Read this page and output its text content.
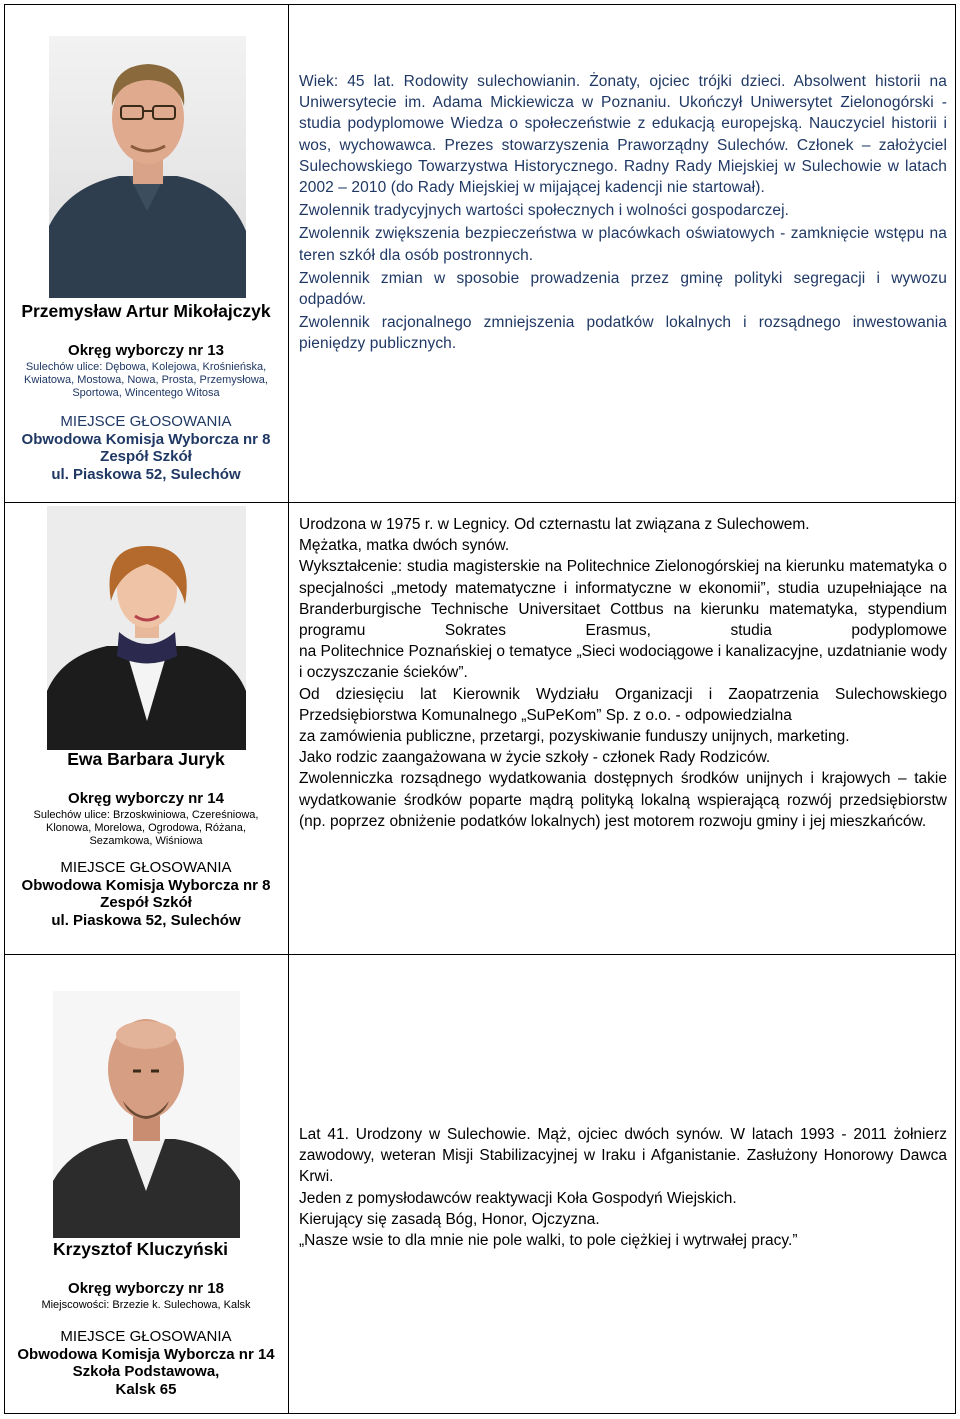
Przemysław Artur Mikołajczyk
Okręg wyborczy nr 13
Sulechów ulice: Dębowa, Kolejowa, Krośnieńska, Kwiatowa, Mostowa, Nowa, Prosta, Przemysłowa, Sportowa, Wincentego Witosa
MIEJSCE GŁOSOWANIA
Obwodowa Komisja Wyborcza nr 8
Zespół Szkół
ul. Piaskowa 52, Sulechów

Wiek: 45 lat. Rodowity sulechowianin. Żonaty, ojciec trójki dzieci. Absolwent historii na Uniwersytecie im. Adama Mickiewicza w Poznaniu. Ukończył Uniwersytet Zielonogórski - studia podyplomowe Wiedza o społeczeństwie z edukacją europejską. Nauczyciel historii i wos, wychowawca. Prezes stowarzyszenia Praworządny Sulechów. Członek – założyciel Sulechowskiego Towarzystwa Historycznego. Radny Rady Miejskiej w Sulechowie w latach 2002 – 2010 (do Rady Miejskiej w mijającej kadencji nie startował).

Zwolennik tradycyjnych wartości społecznych i wolności gospodarczej.

Zwolennik zwiększenia bezpieczeństwa w placówkach oświatowych - zamknięcie wstępu na teren szkół dla osób postronnych.

Zwolennik zmian w sposobie prowadzenia przez gminę polityki segregacji i wywozu odpadów.

Zwolennik racjonalnego zmniejszenia podatków lokalnych i rozsądnego inwestowania pieniędzy publicznych.

Ewa Barbara Juryk
Okręg wyborczy nr 14
Sulechów ulice: Brzoskwiniowa, Czereśniowa, Klonowa, Morelowa, Ogrodowa, Różana, Sezamkowa, Wiśniowa
MIEJSCE GŁOSOWANIA
Obwodowa Komisja Wyborcza nr 8
Zespół Szkół
ul. Piaskowa 52, Sulechów

Urodzona w 1975 r. w Legnicy. Od czternastu lat związana z Sulechowem.

Mężatka, matka dwóch synów.

Wykształcenie: studia magisterskie na Politechnice Zielonogórskiej na kierunku matematyka o specjalności „metody matematyczne i informatyczne w ekonomii”, studia uzupełniające na Branderburgische Technische Universitaet Cottbus na kierunku matematyka, stypendium programu Sokrates Erasmus, studia podyplomowe

na Politechnice Poznańskiej o tematyce „Sieci wodociągowe i kanalizacyjne, uzdatnianie wody i oczyszczanie ścieków”.

Od dziesięciu lat Kierownik Wydziału Organizacji i Zaopatrzenia Sulechowskiego Przedsiębiorstwa Komunalnego „SuPeKom” Sp. z o.o. - odpowiedzialna

za zamówienia publiczne, przetargi, pozyskiwanie funduszy unijnych, marketing.

Jako rodzic zaangażowana w życie szkoły - członek Rady Rodziców.

Zwolenniczka rozsądnego wydatkowania dostępnych środków unijnych i krajowych – takie wydatkowanie środków poparte mądrą polityką lokalną wspierającą rozwój przedsiębiorstw (np. poprzez obniżenie podatków lokalnych) jest motorem rozwoju gminy i jej mieszkańców.

Krzysztof Kluczyński
Okręg wyborczy nr 18
Miejscowości: Brzezie k. Sulechowa, Kalsk
MIEJSCE GŁOSOWANIA
Obwodowa Komisja Wyborcza nr 14
Szkoła Podstawowa,
Kalsk 65

Lat 41. Urodzony w Sulechowie. Mąż, ojciec dwóch synów. W latach 1993 - 2011 żołnierz zawodowy, weteran Misji Stabilizacyjnej w Iraku i Afganistanie. Zasłużony Honorowy Dawca Krwi.

Jeden z pomysłodawców reaktywacji Koła Gospodyń Wiejskich.

Kierujący się zasadą Bóg, Honor, Ojczyzna.

„Nasze wsie to dla mnie nie pole walki, to pole ciężkiej i wytrwałej pracy.”
